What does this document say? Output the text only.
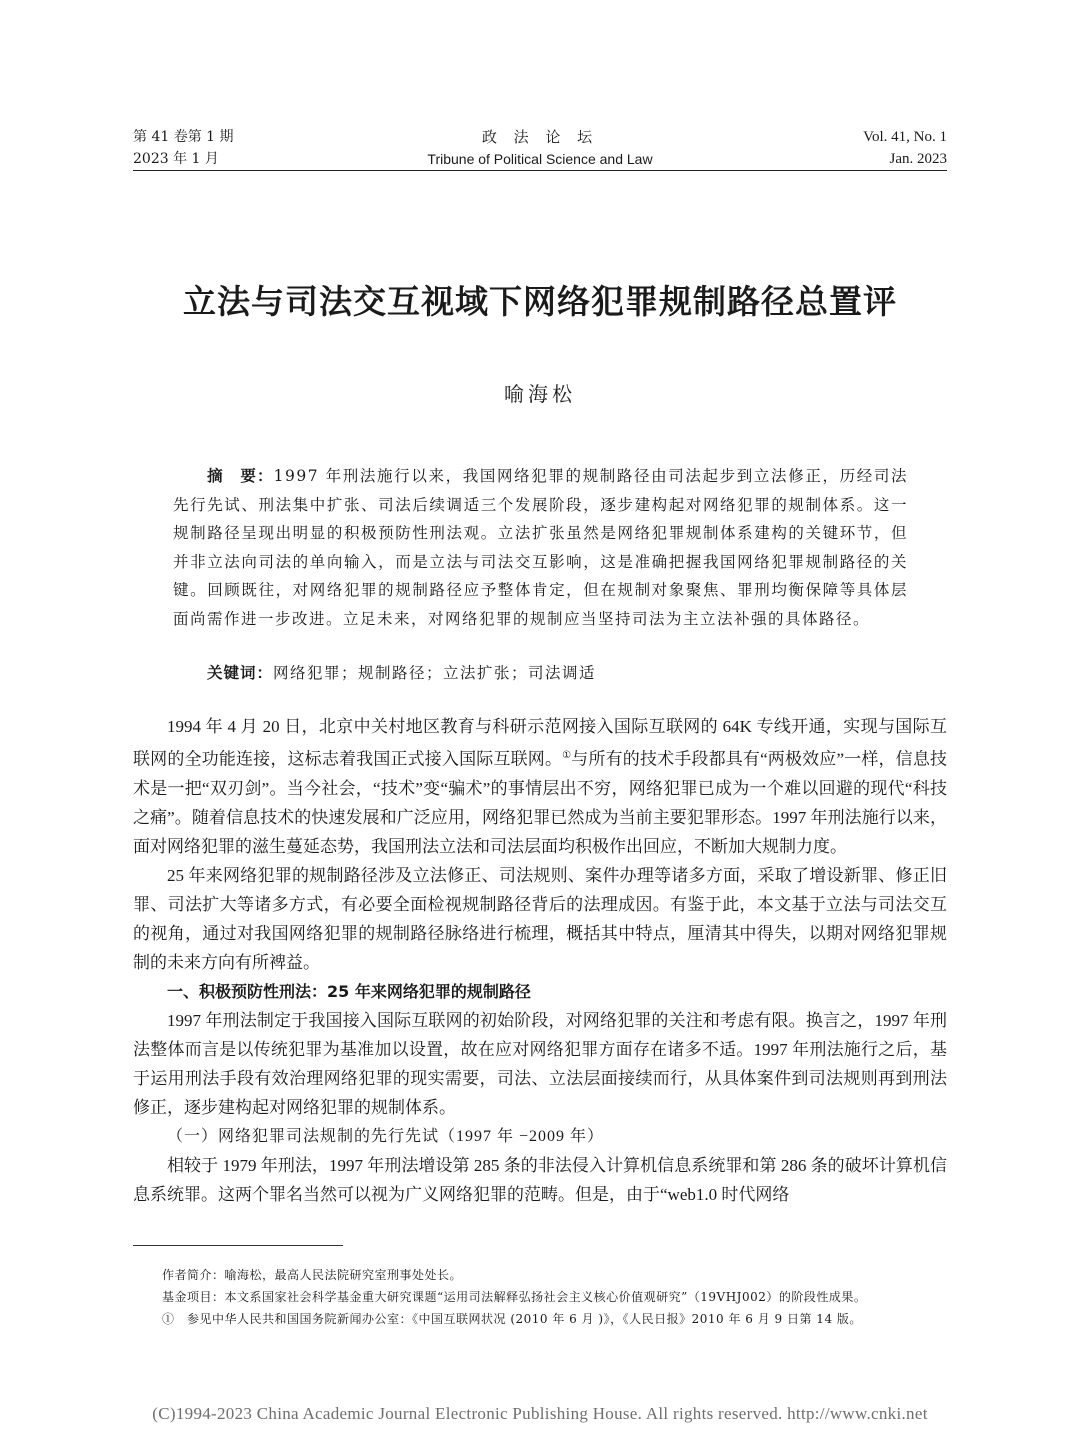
第 41 卷第 1 期
2023 年 1 月
政 法 论 坛
Tribune of Political Science and Law
Vol. 41, No. 1
Jan. 2023
立法与司法交互视域下网络犯罪规制路径总置评
喻海松
摘　要：1997 年刑法施行以来，我国网络犯罪的规制路径由司法起步到立法修正，历经司法先行先试、刑法集中扩张、司法后续调适三个发展阶段，逐步建构起对网络犯罪的规制体系。这一规制路径呈现出明显的积极预防性刑法观。立法扩张虽然是网络犯罪规制体系建构的关键环节，但并非立法向司法的单向输入，而是立法与司法交互影响，这是准确把握我国网络犯罪规制路径的关键。回顾既往，对网络犯罪的规制路径应予整体肯定，但在规制对象聚焦、罪刑均衡保障等具体层面尚需作进一步改进。立足未来，对网络犯罪的规制应当坚持司法为主立法补强的具体路径。
关键词：网络犯罪；规制路径；立法扩张；司法调适

1994 年 4 月 20 日，北京中关村地区教育与科研示范网接入国际互联网的 64K 专线开通，实现与国际互联网的全功能连接，这标志着我国正式接入国际互联网。①与所有的技术手段都具有“两极效应”一样，信息技术是一把“双刃剑”。当今社会，“技术”变“骗术”的事情层出不穷，网络犯罪已成为一个难以回避的现代“科技之痛”。随着信息技术的快速发展和广泛应用，网络犯罪已然成为当前主要犯罪形态。1997 年刑法施行以来，面对网络犯罪的滋生蔓延态势，我国刑法立法和司法层面均积极作出回应，不断加大规制力度。

25 年来网络犯罪的规制路径涉及立法修正、司法规则、案件办理等诸多方面，采取了增设新罪、修正旧罪、司法扩大等诸多方式，有必要全面检视规制路径背后的法理成因。有鉴于此，本文基于立法与司法交互的视角，通过对我国网络犯罪的规制路径脉络进行梳理，概括其中特点，厘清其中得失，以期对网络犯罪规制的未来方向有所裨益。

一、积极预防性刑法：25 年来网络犯罪的规制路径

1997 年刑法制定于我国接入国际互联网的初始阶段，对网络犯罪的关注和考虑有限。换言之，1997 年刑法整体而言是以传统犯罪为基准加以设置，故在应对网络犯罪方面存在诸多不适。1997 年刑法施行之后，基于运用刑法手段有效治理网络犯罪的现实需要，司法、立法层面接续而行，从具体案件到司法规则再到刑法修正，逐步建构起对网络犯罪的规制体系。

（一）网络犯罪司法规制的先行先试（1997 年 −2009 年）

相较于 1979 年刑法，1997 年刑法增设第 285 条的非法侵入计算机信息系统罪和第 286 条的破坏计算机信息系统罪。这两个罪名当然可以视为广义网络犯罪的范畴。但是，由于“web1.0 时代网络

作者简介：喻海松，最高人民法院研究室刑事处处长。
基金项目：本文系国家社会科学基金重大研究课题“运用司法解释弘扬社会主义核心价值观研究”（19VHJ002）的阶段性成果。
①　参见中华人民共和国国务院新闻办公室：《中国互联网状况 (2010 年 6 月 )》，《人民日报》2010 年 6 月 9 日第 14 版。
(C)1994-2023 China Academic Journal Electronic Publishing House. All rights reserved. http://www.cnki.net
